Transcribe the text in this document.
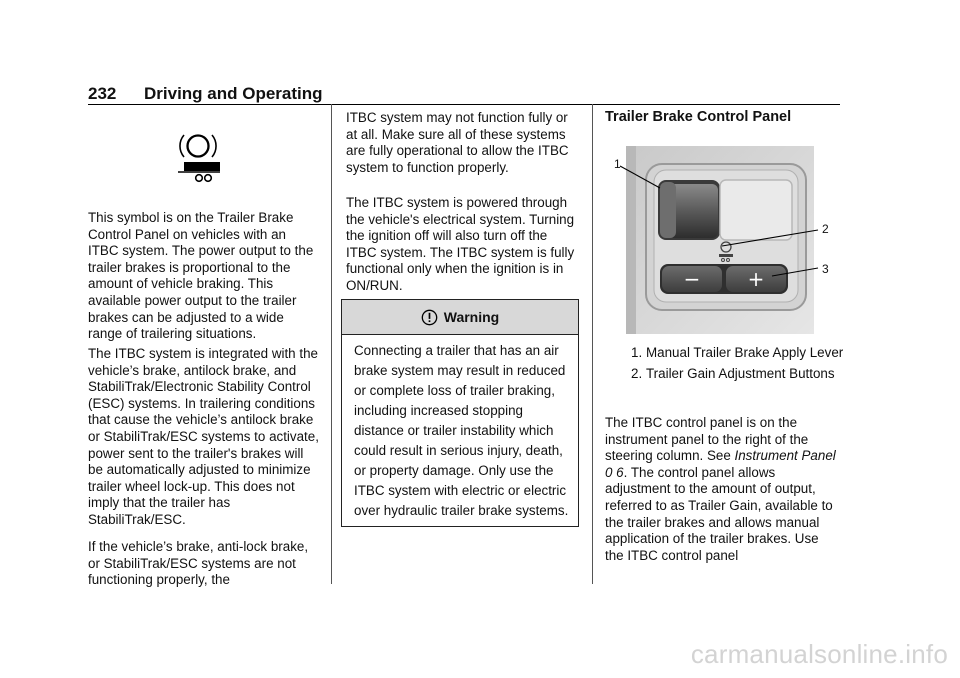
232 Driving and Operating

This symbol is on the Trailer Brake Control Panel on vehicles with an ITBC system. The power output to the trailer brakes is proportional to the amount of vehicle braking. This available power output to the trailer brakes can be adjusted to a wide range of trailering situations.

The ITBC system is integrated with the vehicle’s brake, antilock brake, and StabiliTrak/Electronic Stability Control (ESC) systems. In trailering conditions that cause the vehicle’s antilock brake or StabiliTrak/ESC systems to activate, power sent to the trailer's brakes will be automatically adjusted to minimize trailer wheel lock-up. This does not imply that the trailer has StabiliTrak/ESC.

If the vehicle’s brake, anti-lock brake, or StabiliTrak/ESC systems are not functioning properly, the

ITBC system may not function fully or at all. Make sure all of these systems are fully operational to allow the ITBC system to function properly.

The ITBC system is powered through the vehicle's electrical system. Turning the ignition off will also turn off the ITBC system. The ITBC system is fully functional only when the ignition is in ON/RUN.

Warning

Connecting a trailer that has an air brake system may result in reduced or complete loss of trailer braking, including increased stopping distance or trailer instability which could result in serious injury, death, or property damage. Only use the ITBC system with electric or electric over hydraulic trailer brake systems.

Trailer Brake Control Panel
1
2
3
− +
1. Manual Trailer Brake Apply Lever
2. Trailer Gain Adjustment Buttons

The ITBC control panel is on the instrument panel to the right of the steering column. See Instrument Panel 0 6. The control panel allows adjustment to the amount of output, referred to as Trailer Gain, available to the trailer brakes and allows manual application of the trailer brakes. Use the ITBC control panel

carmanualsonline.info
